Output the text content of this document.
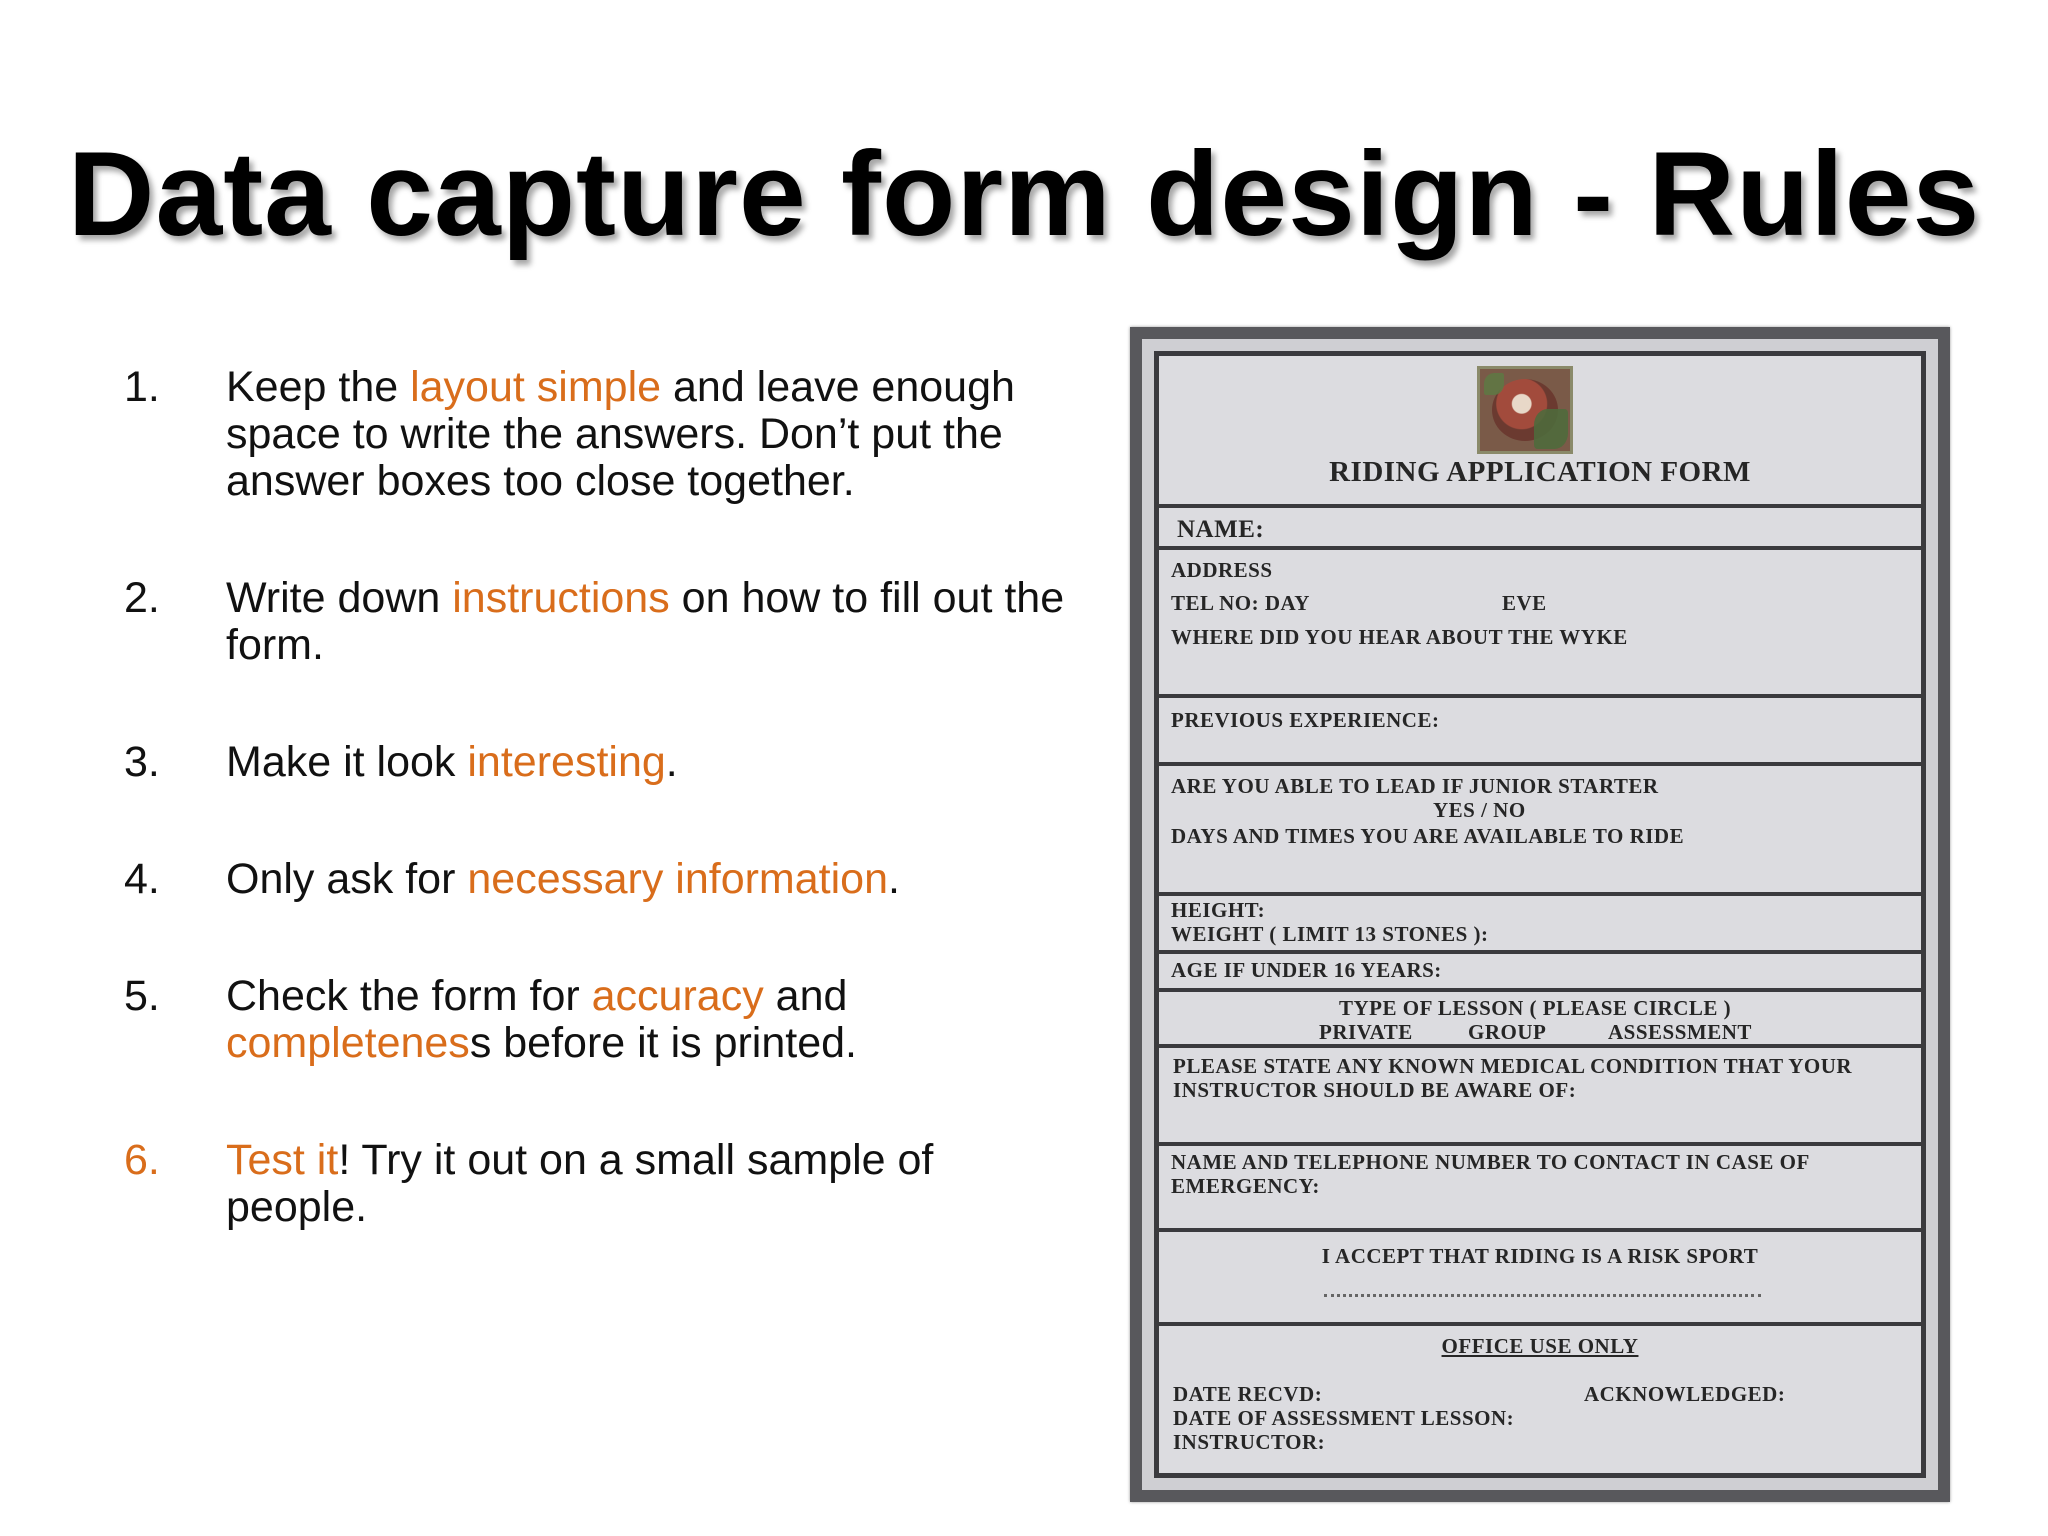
Data capture form design - Rules
1. Keep the layout simple and leave enough space to write the answers. Don’t put the answer boxes too close together.
2. Write down instructions on how to fill out the form.
3. Make it look interesting.
4. Only ask for necessary information.
5. Check the form for accuracy and completeness before it is printed.
6. Test it! Try it out on a small sample of people.
RIDING APPLICATION FORM
NAME:
ADDRESS
TEL NO: DAY	EVE
WHERE DID YOU HEAR ABOUT THE WYKE
PREVIOUS EXPERIENCE:
ARE YOU ABLE TO LEAD IF JUNIOR STARTER
YES / NO
DAYS AND TIMES YOU ARE AVAILABLE TO RIDE
HEIGHT:
WEIGHT ( LIMIT 13 STONES ):
AGE IF UNDER 16 YEARS:
TYPE OF LESSON ( PLEASE CIRCLE )
PRIVATE	GROUP	ASSESSMENT
PLEASE STATE ANY KNOWN MEDICAL CONDITION THAT YOUR
INSTRUCTOR SHOULD BE AWARE OF:
NAME AND TELEPHONE NUMBER TO CONTACT IN CASE OF
EMERGENCY:
I ACCEPT THAT RIDING IS A RISK SPORT
OFFICE USE ONLY
DATE RECVD:	ACKNOWLEDGED:
DATE OF ASSESSMENT LESSON:
INSTRUCTOR:
